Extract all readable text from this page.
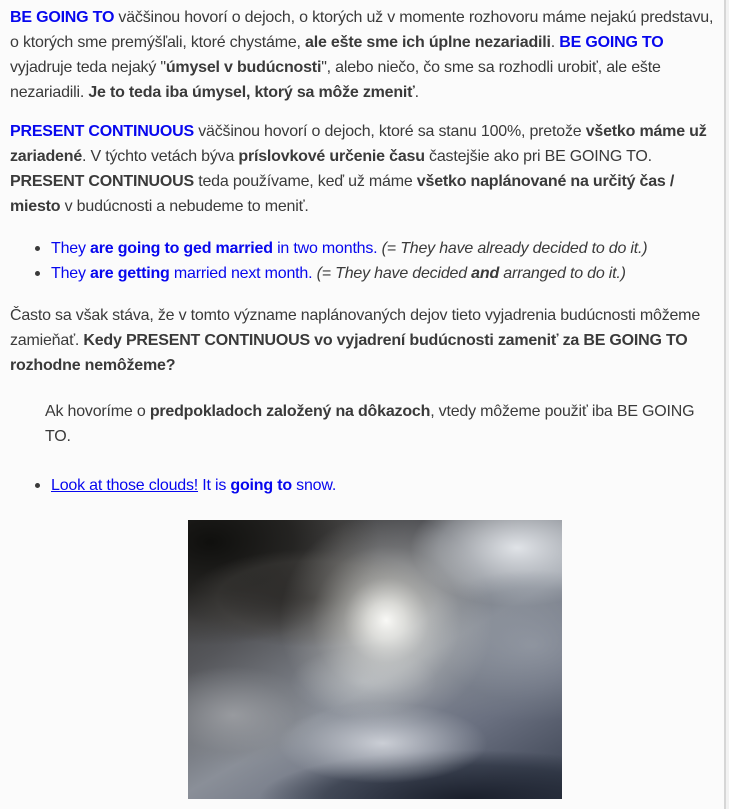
BE GOING TO väčšinou hovorí o dejoch, o ktorých už v momente rozhovoru máme nejakú predstavu, o ktorých sme premýšľali, ktoré chystáme, ale ešte sme ich úplne nezariadili. BE GOING TO vyjadruje teda nejaký "úmysel v budúcnosti", alebo niečo, čo sme sa rozhodli urobiť, ale ešte nezariadili. Je to teda iba úmysel, ktorý sa môže zmeniť.

PRESENT CONTINUOUS väčšinou hovorí o dejoch, ktoré sa stanu 100%, pretože všetko máme už zariadené. V týchto vetách býva príslovkové určenie času častejšie ako pri BE GOING TO. PRESENT CONTINUOUS teda používame, keď už máme všetko naplánované na určitý čas / miesto v budúcnosti a nebudeme to meniť.

They are going to ged married in two months. (= They have already decided to do it.)
They are getting married next month. (= They have decided and arranged to do it.)

Často sa však stáva, že v tomto význame naplánovaných dejov tieto vyjadrenia budúcnosti môžeme zamieňať. Kedy PRESENT CONTINUOUS vo vyjadrení budúcnosti zameniť za BE GOING TO rozhodne nemôžeme?

Ak hovoríme o predpokladoch založený na dôkazoch, vtedy môžeme použiť iba BE GOING TO.

Look at those clouds! It is going to snow.
